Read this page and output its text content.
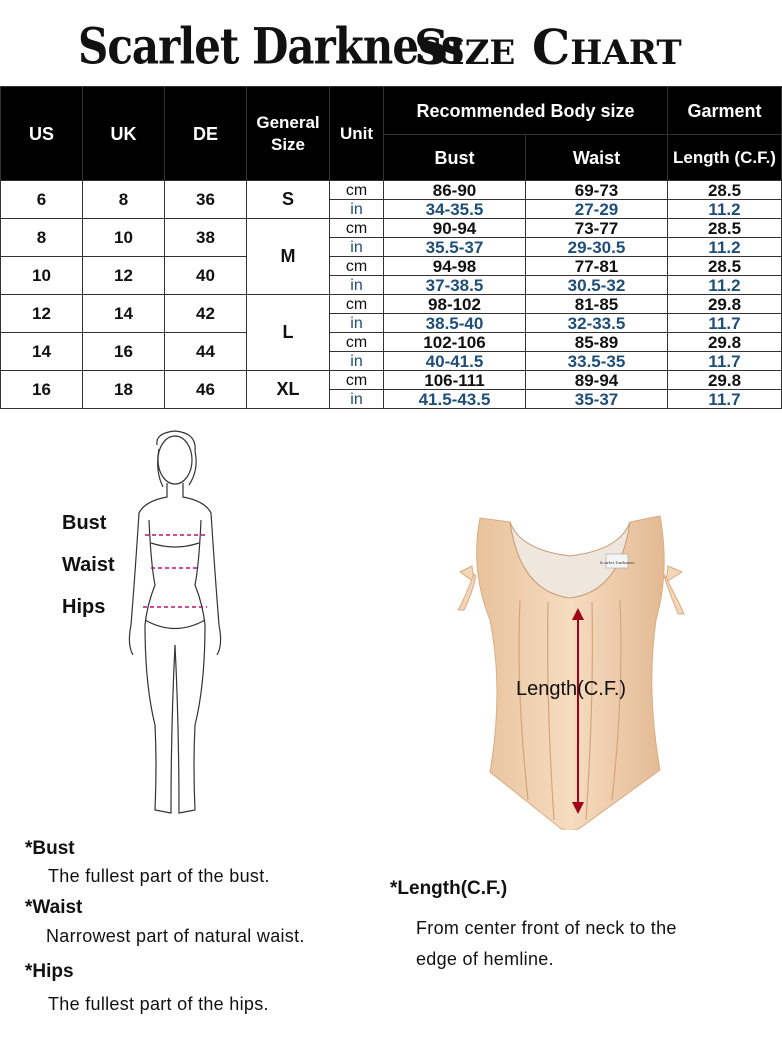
Scarlet Darkness
Size Chart
US	UK	DE	General Size	Unit	Recommended Body size		Garment
					Bust	Waist	Length (C.F.)
6	8	36	S	cm	86-90	69-73	28.5
				in	34-35.5	27-29	11.2
8	10	38	M	cm	90-94	73-77	28.5
				in	35.5-37	29-30.5	11.2
10	12	40		cm	94-98	77-81	28.5
				in	37-38.5	30.5-32	11.2
12	14	42	L	cm	98-102	81-85	29.8
				in	38.5-40	32-33.5	11.7
14	16	44		cm	102-106	85-89	29.8
				in	40-41.5	33.5-35	11.7
16	18	46	XL	cm	106-111	89-94	29.8
				in	41.5-43.5	35-37	11.7
Bust
Waist
Hips
Scarlet Darkness
Length(C.F.)
*Bust
The fullest part of the bust.
*Waist
Narrowest part of natural waist.
*Hips
The fullest part of the hips.
*Length(C.F.)
From center front of neck to the
edge of hemline.
